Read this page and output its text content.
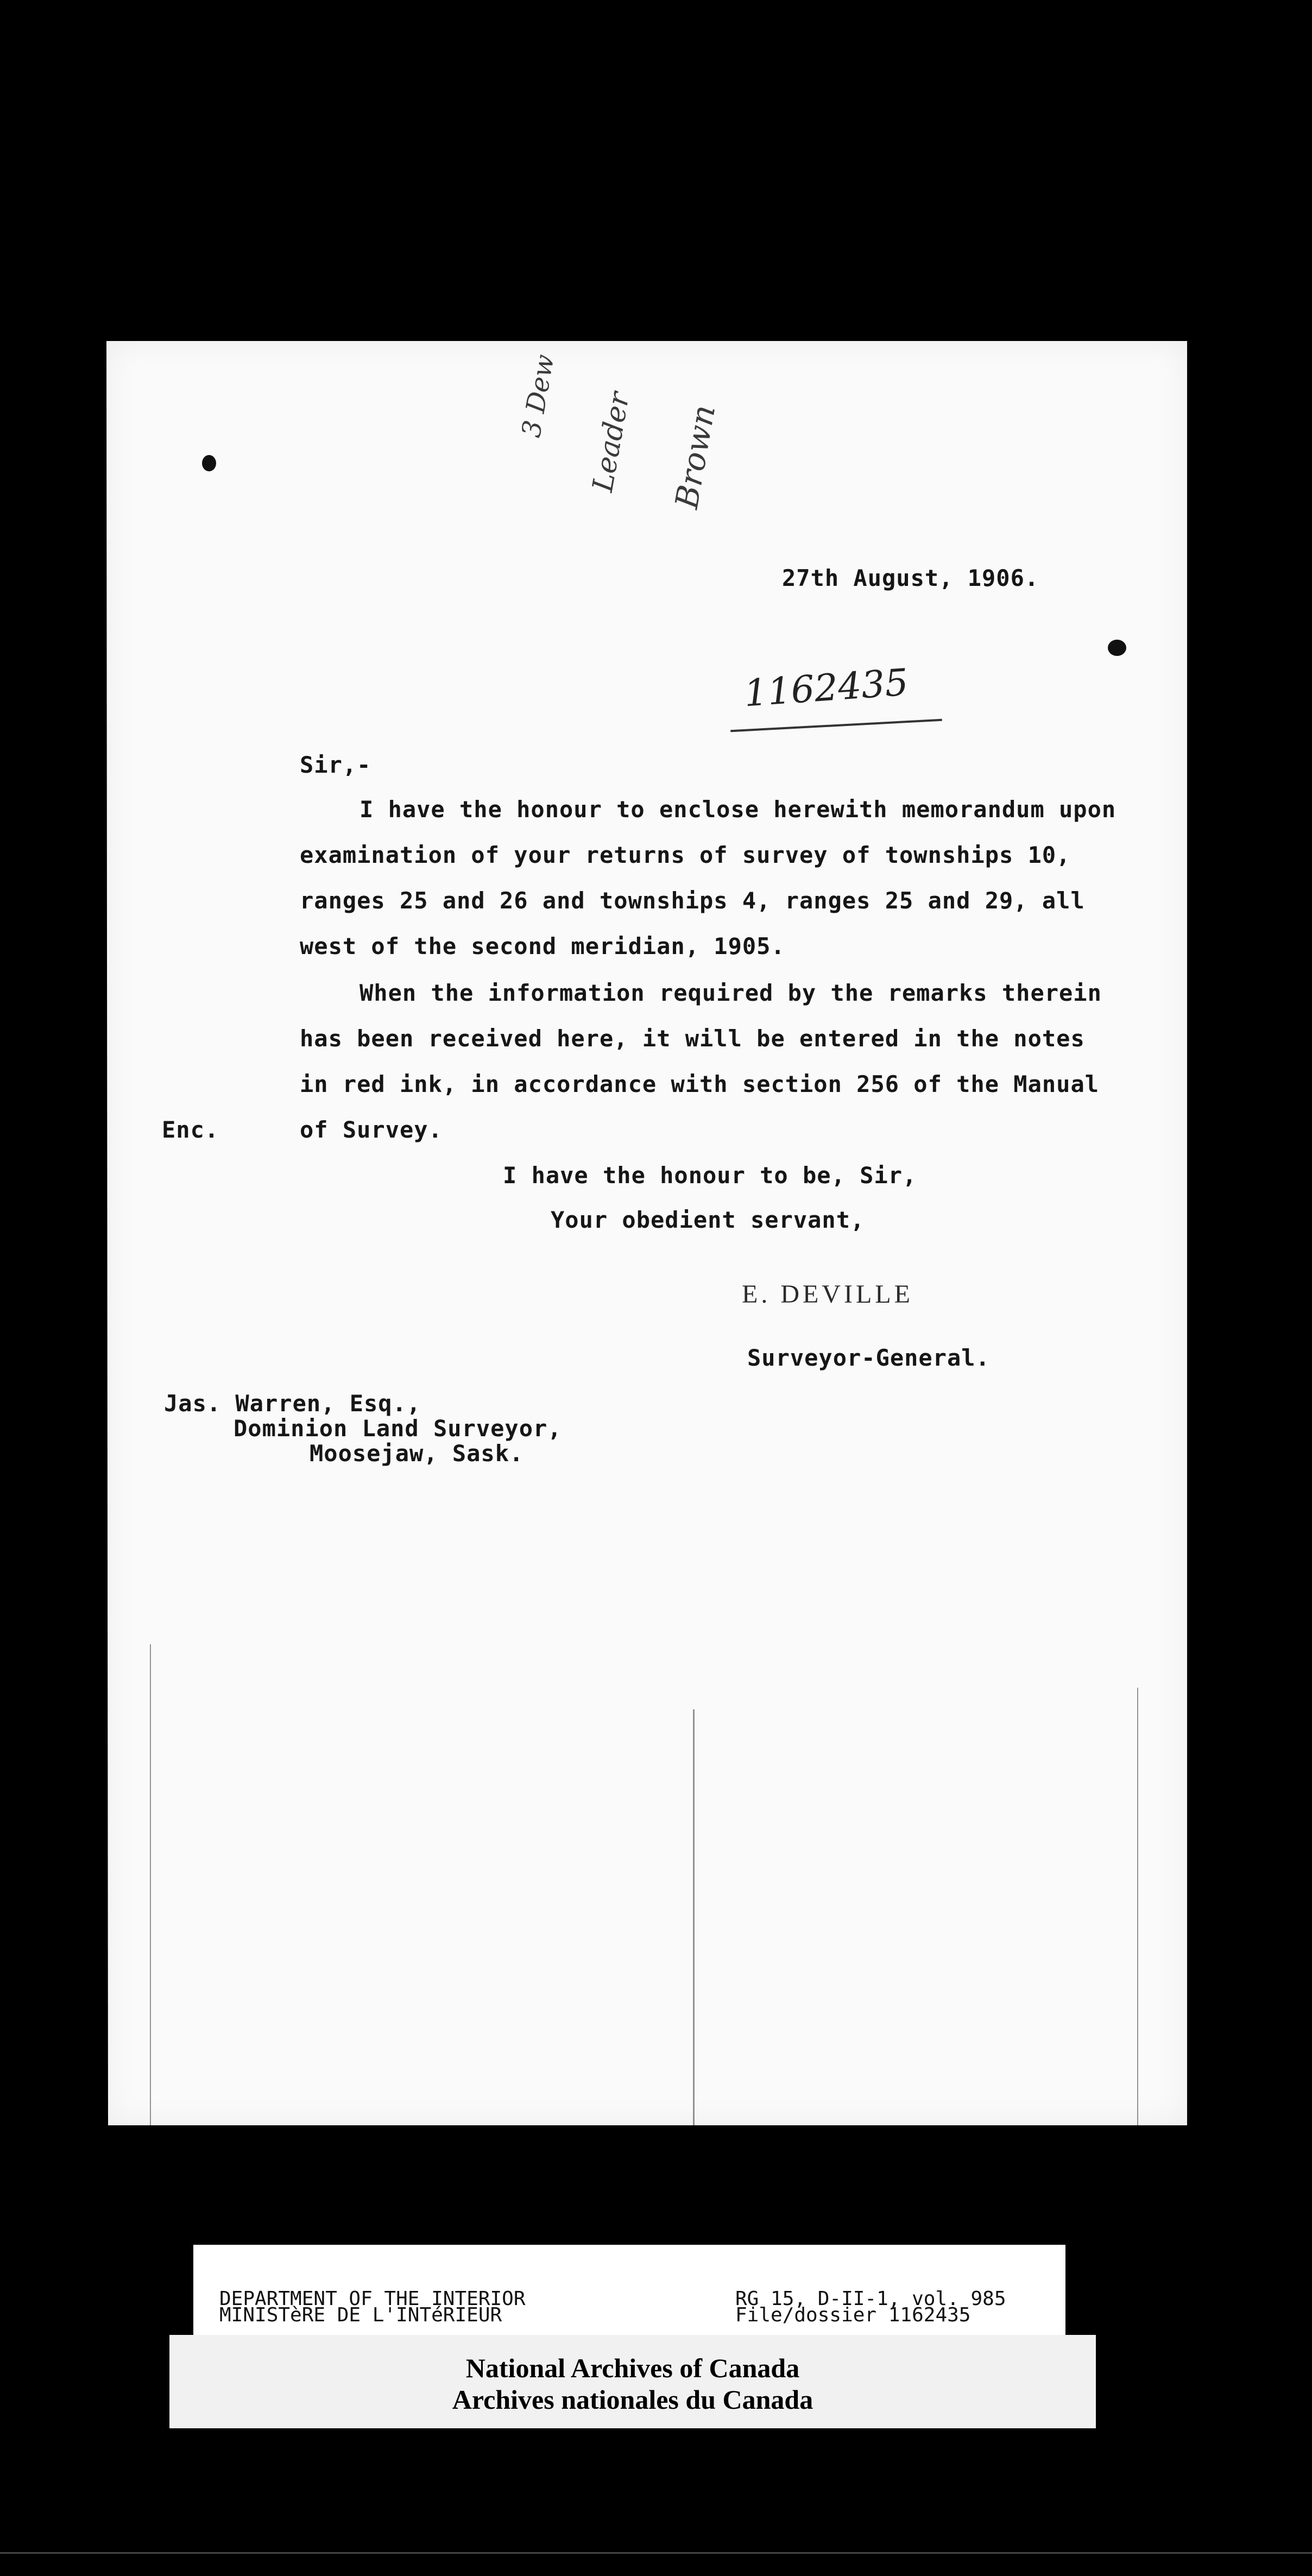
3 Dew Leader Brown
27th August, 1906.
1162435
Sir,-
I have the honour to enclose herewith memorandum upon
examination of your returns of survey of townships 10,
ranges 25 and 26 and townships 4, ranges 25 and 29, all
west of the second meridian, 1905.
When the information required by the remarks therein
has been received here, it will be entered in the notes
in red ink, in accordance with section 256 of the Manual
of Survey.
Enc.
I have the honour to be, Sir,
Your obedient servant,
E. DEVILLE
Surveyor-General.
Jas. Warren, Esq.,
Dominion Land Surveyor,
Moosejaw, Sask.
DEPARTMENT OF THE INTERIOR
MINISTèRE DE L'INTéRIEUR
RG 15, D-II-1, vol. 985
File/dossier 1162435
National Archives of Canada
Archives nationales du Canada
